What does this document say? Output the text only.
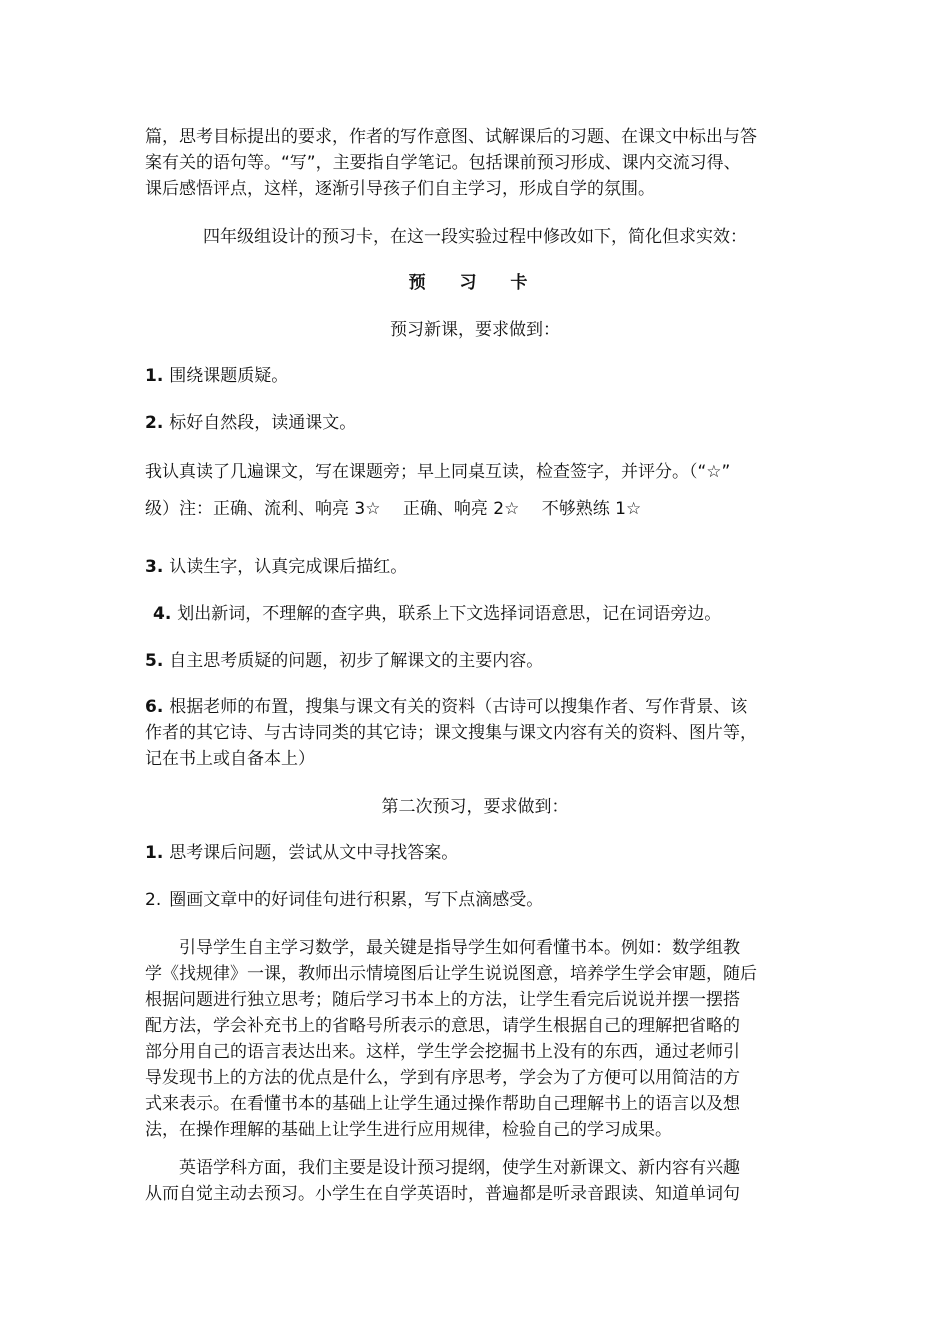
篇，思考目标提出的要求，作者的写作意图、试解课后的习题、在课文中标出与答
案有关的语句等。“写”，主要指自学笔记。包括课前预习形成、课内交流习得、
课后感悟评点，这样，逐渐引导孩子们自主学习，形成自学的氛围。
四年级组设计的预习卡，在这一段实验过程中修改如下，简化但求实效：
预 习 卡
预习新课，要求做到：
1. 围绕课题质疑。
2. 标好自然段，读通课文。
我认真读了几遍课文，写在课题旁；早上同桌互读，检查签字，并评分。（“☆”
级）注：正确、流利、响亮 3☆　 正确、响亮 2☆　 不够熟练 1☆
3. 认读生字，认真完成课后描红。
4. 划出新词，不理解的查字典，联系上下文选择词语意思，记在词语旁边。
5. 自主思考质疑的问题，初步了解课文的主要内容。
6. 根据老师的布置，搜集与课文有关的资料（古诗可以搜集作者、写作背景、该
作者的其它诗、与古诗同类的其它诗；课文搜集与课文内容有关的资料、图片等，
记在书上或自备本上）
第二次预习，要求做到：
1. 思考课后问题，尝试从文中寻找答案。
2. 圈画文章中的好词佳句进行积累，写下点滴感受。
　　引导学生自主学习数学，最关键是指导学生如何看懂书本。例如：数学组教
学《找规律》一课，教师出示情境图后让学生说说图意，培养学生学会审题，随后
根据问题进行独立思考；随后学习书本上的方法，让学生看完后说说并摆一摆搭
配方法，学会补充书上的省略号所表示的意思，请学生根据自己的理解把省略的
部分用自己的语言表达出来。这样，学生学会挖掘书上没有的东西，通过老师引
导发现书上的方法的优点是什么，学到有序思考，学会为了方便可以用简洁的方
式来表示。在看懂书本的基础上让学生通过操作帮助自己理解书上的语言以及想
法，在操作理解的基础上让学生进行应用规律，检验自己的学习成果。
　　英语学科方面，我们主要是设计预习提纲，使学生对新课文、新内容有兴趣
从而自觉主动去预习。小学生在自学英语时，普遍都是听录音跟读、知道单词句
